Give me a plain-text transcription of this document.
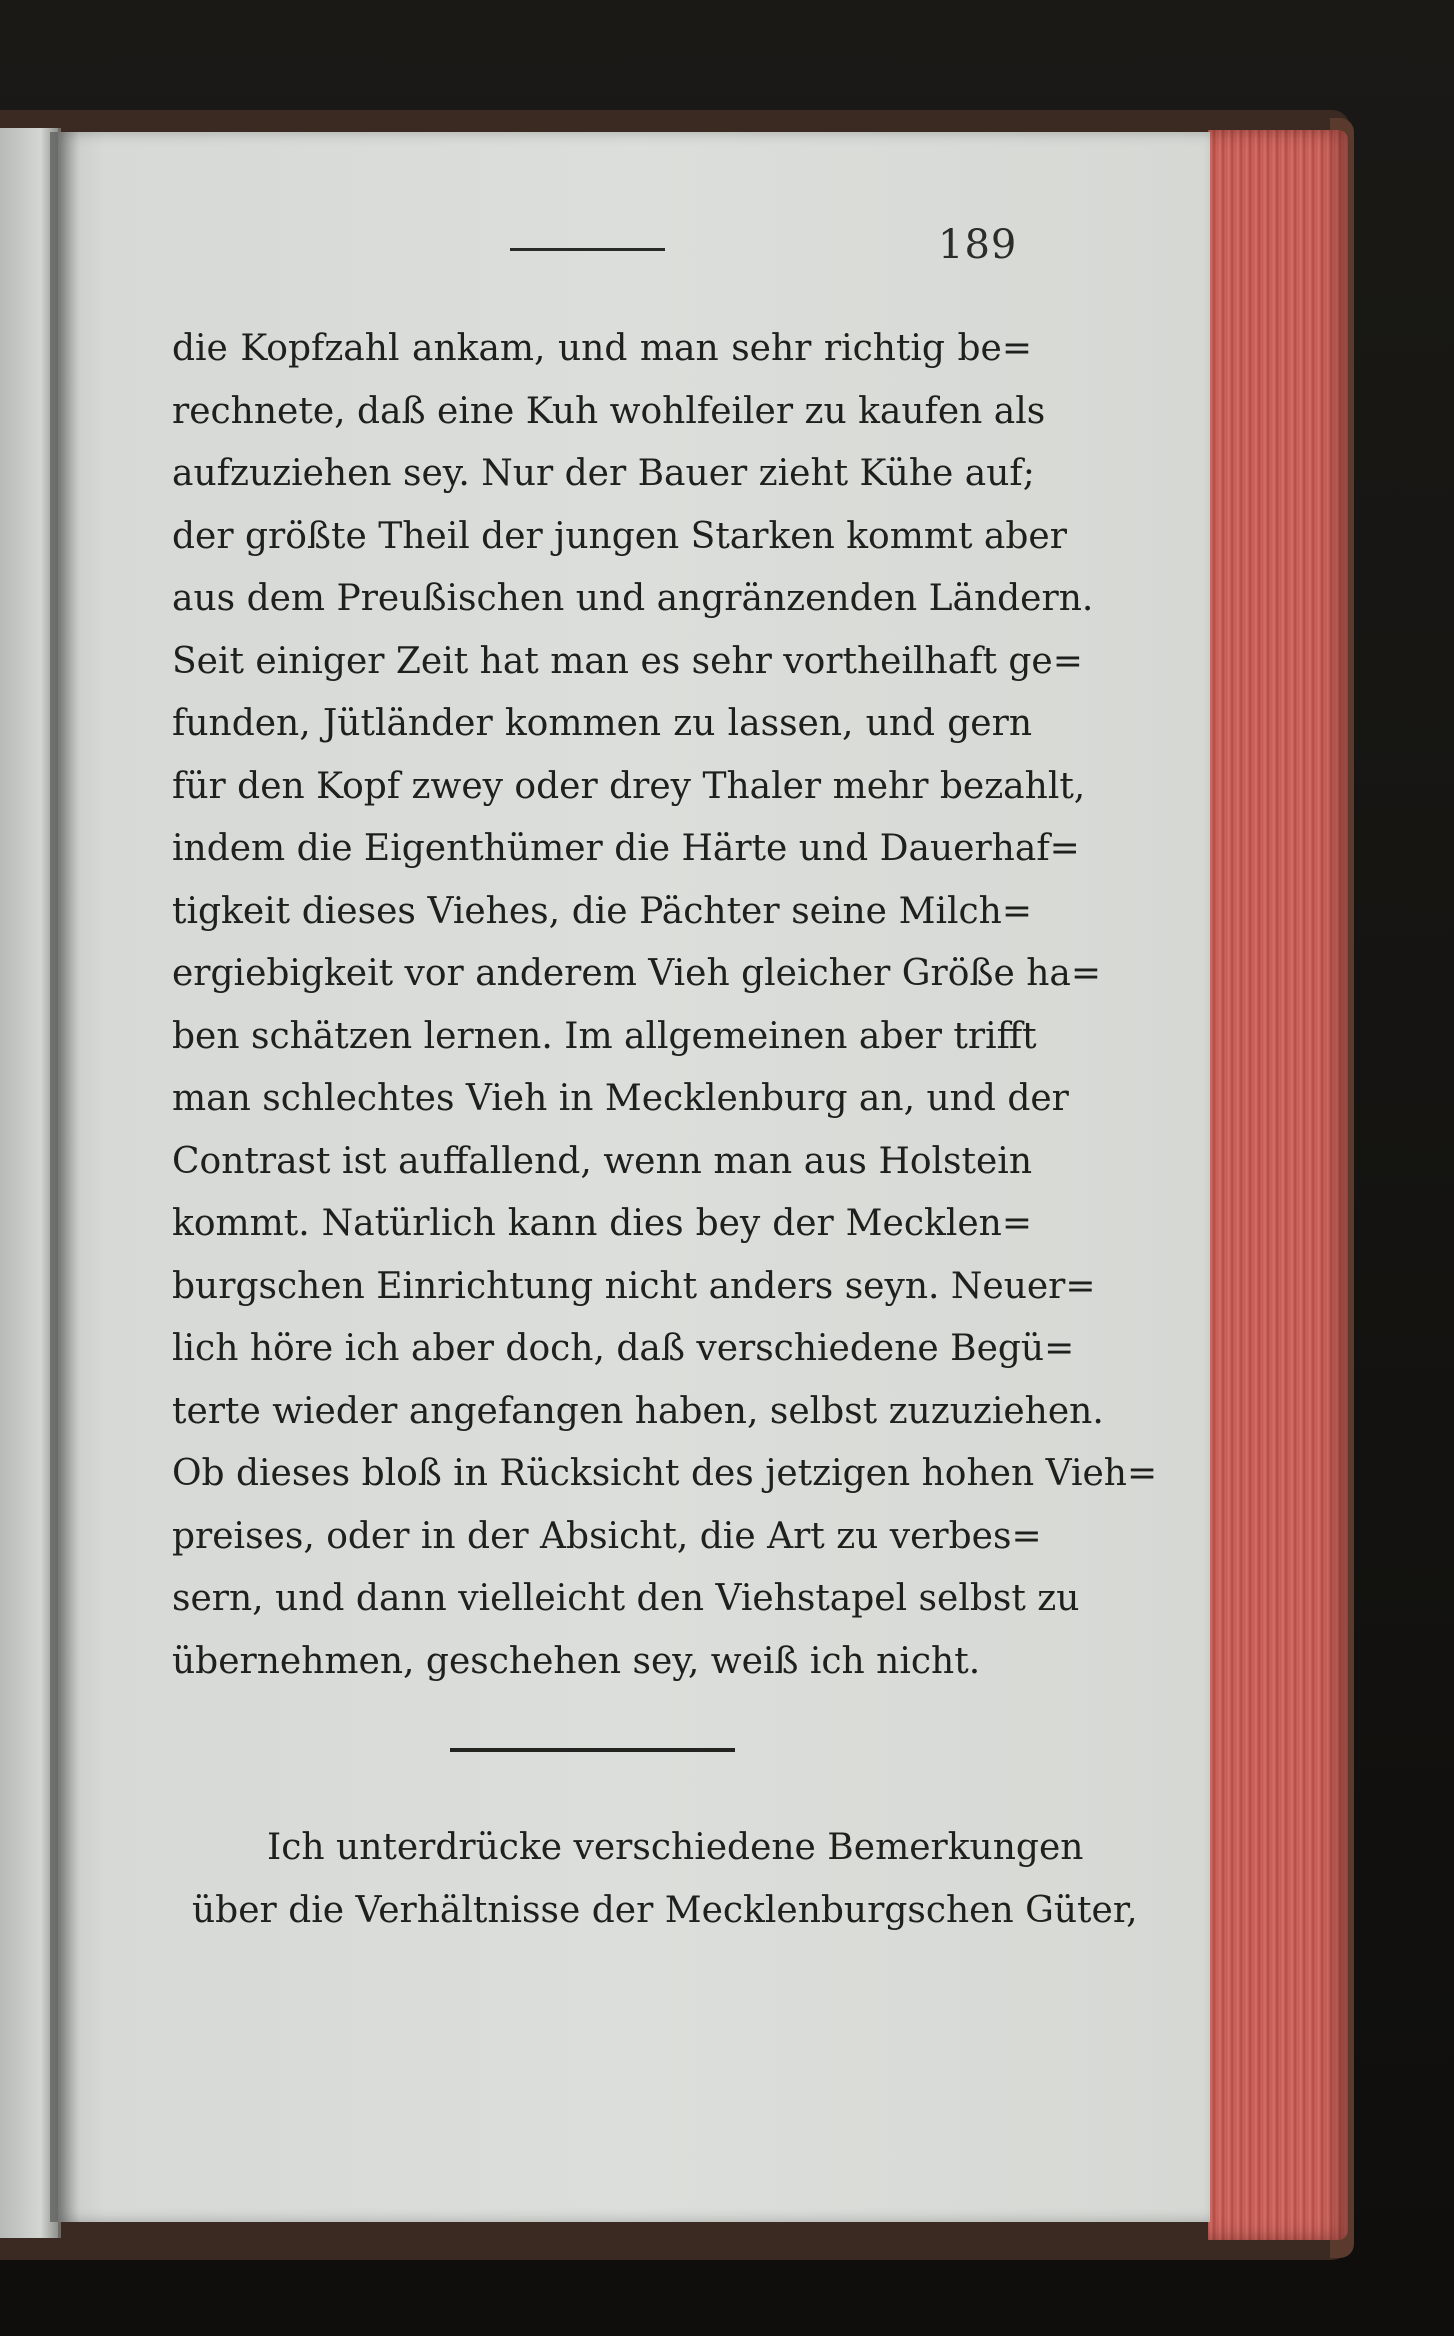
189
die Kopfzahl ankam, und man sehr richtig be=
rechnete, daß eine Kuh wohlfeiler zu kaufen als
aufzuziehen sey. Nur der Bauer zieht Kühe auf;
der größte Theil der jungen Starken kommt aber
aus dem Preußischen und angränzenden Ländern.
Seit einiger Zeit hat man es sehr vortheilhaft ge=
funden, Jütländer kommen zu lassen, und gern
für den Kopf zwey oder drey Thaler mehr bezahlt,
indem die Eigenthümer die Härte und Dauerhaf=
tigkeit dieses Viehes, die Pächter seine Milch=
ergiebigkeit vor anderem Vieh gleicher Größe ha=
ben schätzen lernen. Im allgemeinen aber trifft
man schlechtes Vieh in Mecklenburg an, und der
Contrast ist auffallend, wenn man aus Holstein
kommt. Natürlich kann dies bey der Mecklen=
burgschen Einrichtung nicht anders seyn. Neuer=
lich höre ich aber doch, daß verschiedene Begü=
terte wieder angefangen haben, selbst zuzuziehen.
Ob dieses bloß in Rücksicht des jetzigen hohen Vieh=
preises, oder in der Absicht, die Art zu verbes=
sern, und dann vielleicht den Viehstapel selbst zu
übernehmen, geschehen sey, weiß ich nicht.
Ich unterdrücke verschiedene Bemerkungen
über die Verhältnisse der Mecklenburgschen Güter,
